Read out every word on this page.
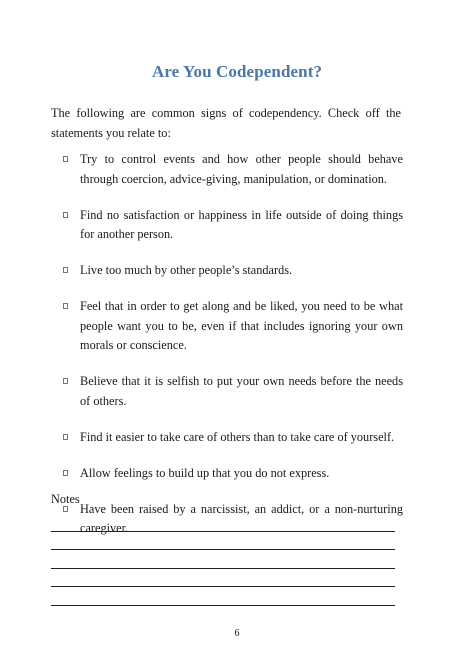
Are You Codependent?
The following are common signs of codependency. Check off the statements you relate to:
Try to control events and how other people should behave through coercion, advice-giving, manipulation, or domination.
Find no satisfaction or happiness in life outside of doing things for another person.
Live too much by other people’s standards.
Feel that in order to get along and be liked, you need to be what people want you to be, even if that includes ignoring your own morals or conscience.
Believe that it is selfish to put your own needs before the needs of others.
Find it easier to take care of others than to take care of yourself.
Allow feelings to build up that you do not express.
Have been raised by a narcissist, an addict, or a non-nurturing caregiver.
Notes
6
